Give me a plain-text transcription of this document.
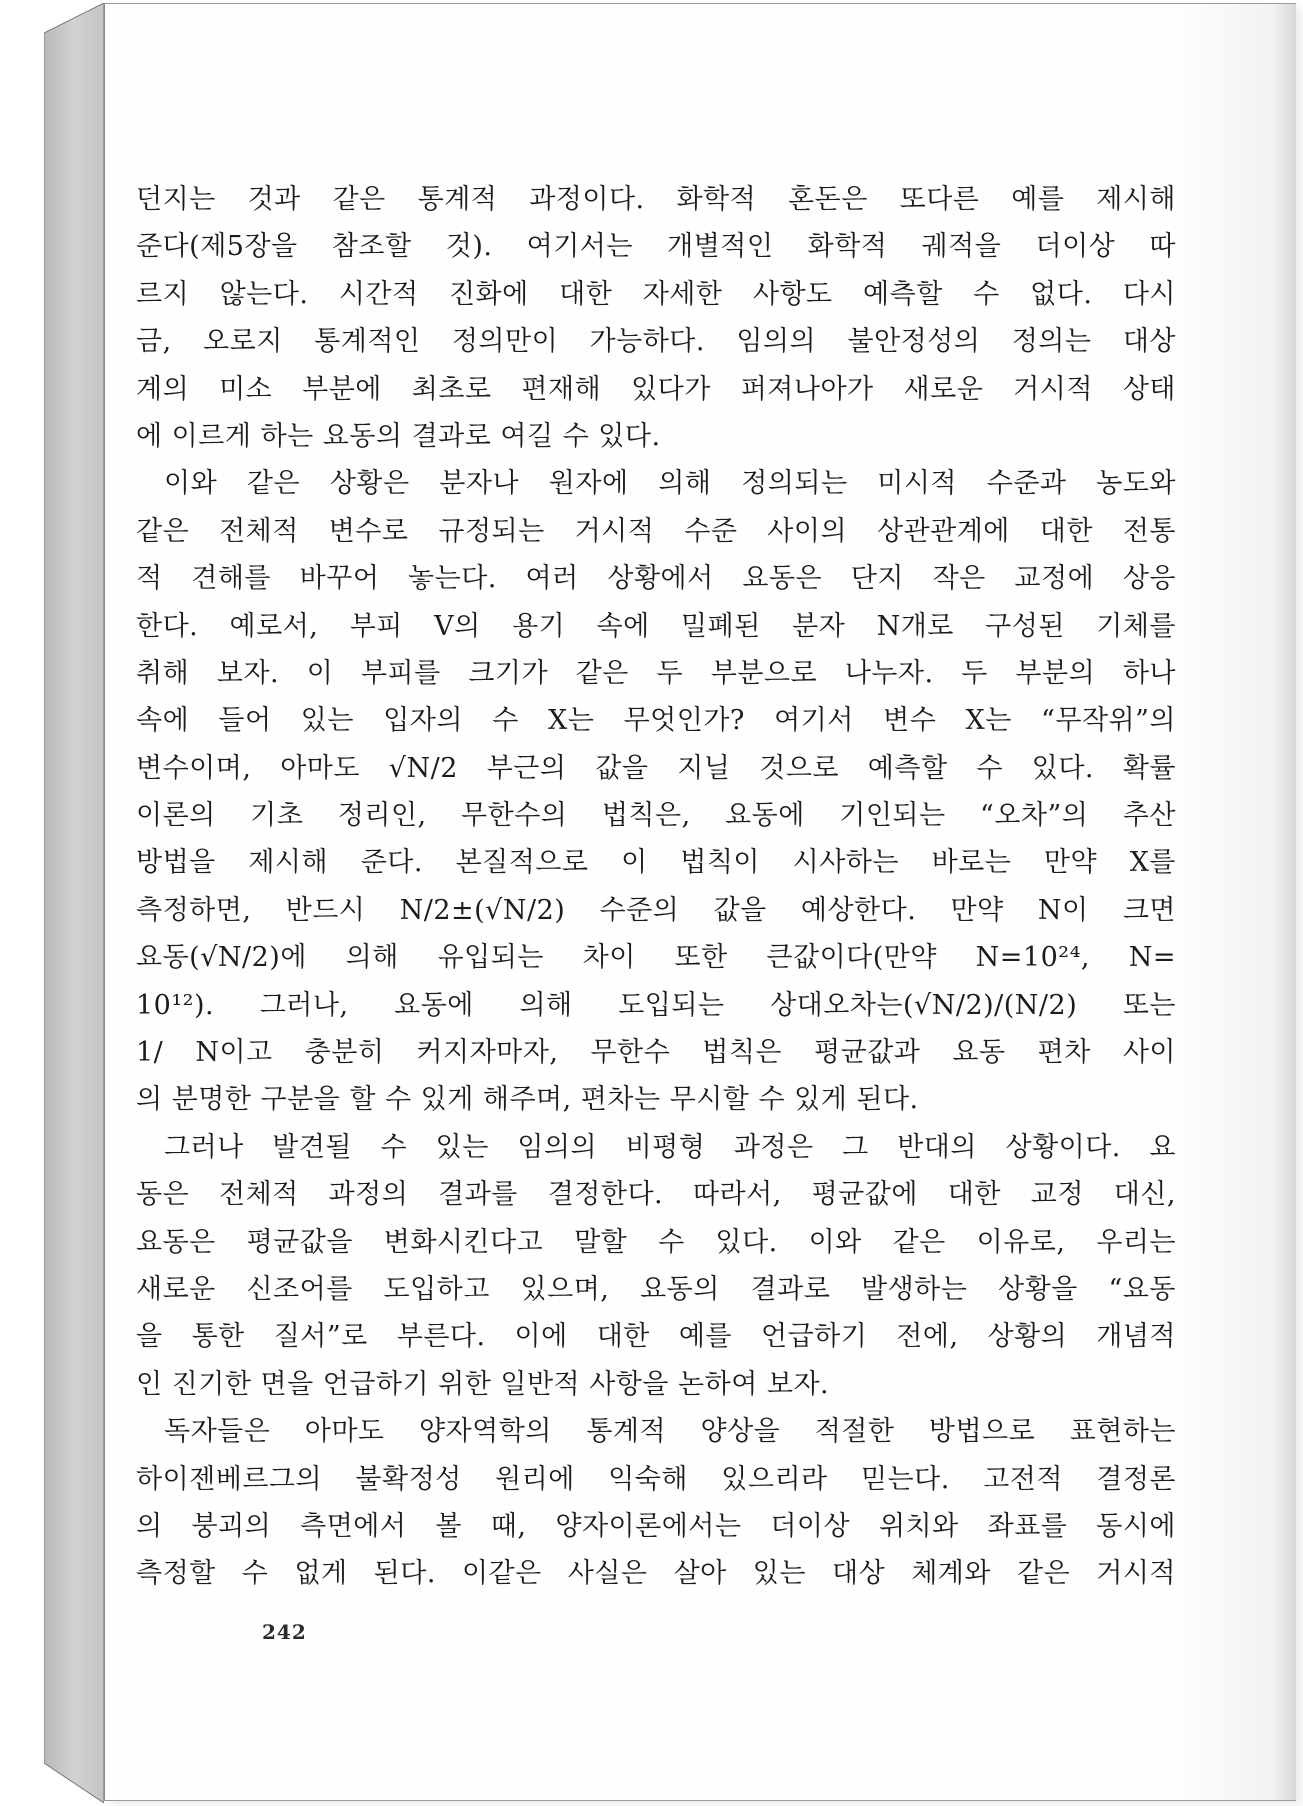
던지는 것과 같은 통계적 과정이다. 화학적 혼돈은 또다른 예를 제시해
준다(제5장을 참조할 것). 여기서는 개별적인 화학적 궤적을 더이상 따
르지 않는다. 시간적 진화에 대한 자세한 사항도 예측할 수 없다. 다시
금, 오로지 통계적인 정의만이 가능하다. 임의의 불안정성의 정의는 대상
계의 미소 부분에 최초로 편재해 있다가 퍼져나아가 새로운 거시적 상태
에 이르게 하는 요동의 결과로 여길 수 있다.
이와 같은 상황은 분자나 원자에 의해 정의되는 미시적 수준과 농도와
같은 전체적 변수로 규정되는 거시적 수준 사이의 상관관계에 대한 전통
적 견해를 바꾸어 놓는다. 여러 상황에서 요동은 단지 작은 교정에 상응
한다. 예로서, 부피 V의 용기 속에 밀폐된 분자 N개로 구성된 기체를
취해 보자. 이 부피를 크기가 같은 두 부분으로 나누자. 두 부분의 하나
속에 들어 있는 입자의 수 X는 무엇인가? 여기서 변수 X는 “무작위”의
변수이며, 아마도 √N/2 부근의 값을 지닐 것으로 예측할 수 있다. 확률
이론의 기초 정리인, 무한수의 법칙은, 요동에 기인되는 “오차”의 추산
방법을 제시해 준다. 본질적으로 이 법칙이 시사하는 바로는 만약 X를
측정하면, 반드시 N/2±(√N/2) 수준의 값을 예상한다. 만약 N이 크면
요동(√N/2)에 의해 유입되는 차이 또한 큰값이다(만약 N=10²⁴, N=
10¹²). 그러나, 요동에 의해 도입되는 상대오차는(√N/2)/(N/2) 또는
1/ N이고 충분히 커지자마자, 무한수 법칙은 평균값과 요동 편차 사이
의 분명한 구분을 할 수 있게 해주며, 편차는 무시할 수 있게 된다.
그러나 발견될 수 있는 임의의 비평형 과정은 그 반대의 상황이다. 요
동은 전체적 과정의 결과를 결정한다. 따라서, 평균값에 대한 교정 대신,
요동은 평균값을 변화시킨다고 말할 수 있다. 이와 같은 이유로, 우리는
새로운 신조어를 도입하고 있으며, 요동의 결과로 발생하는 상황을 “요동
을 통한 질서”로 부른다. 이에 대한 예를 언급하기 전에, 상황의 개념적
인 진기한 면을 언급하기 위한 일반적 사항을 논하여 보자.
독자들은 아마도 양자역학의 통계적 양상을 적절한 방법으로 표현하는
하이젠베르그의 불확정성 원리에 익숙해 있으리라 믿는다. 고전적 결정론
의 붕괴의 측면에서 볼 때, 양자이론에서는 더이상 위치와 좌표를 동시에
측정할 수 없게 된다. 이같은 사실은 살아 있는 대상 체계와 같은 거시적
242
